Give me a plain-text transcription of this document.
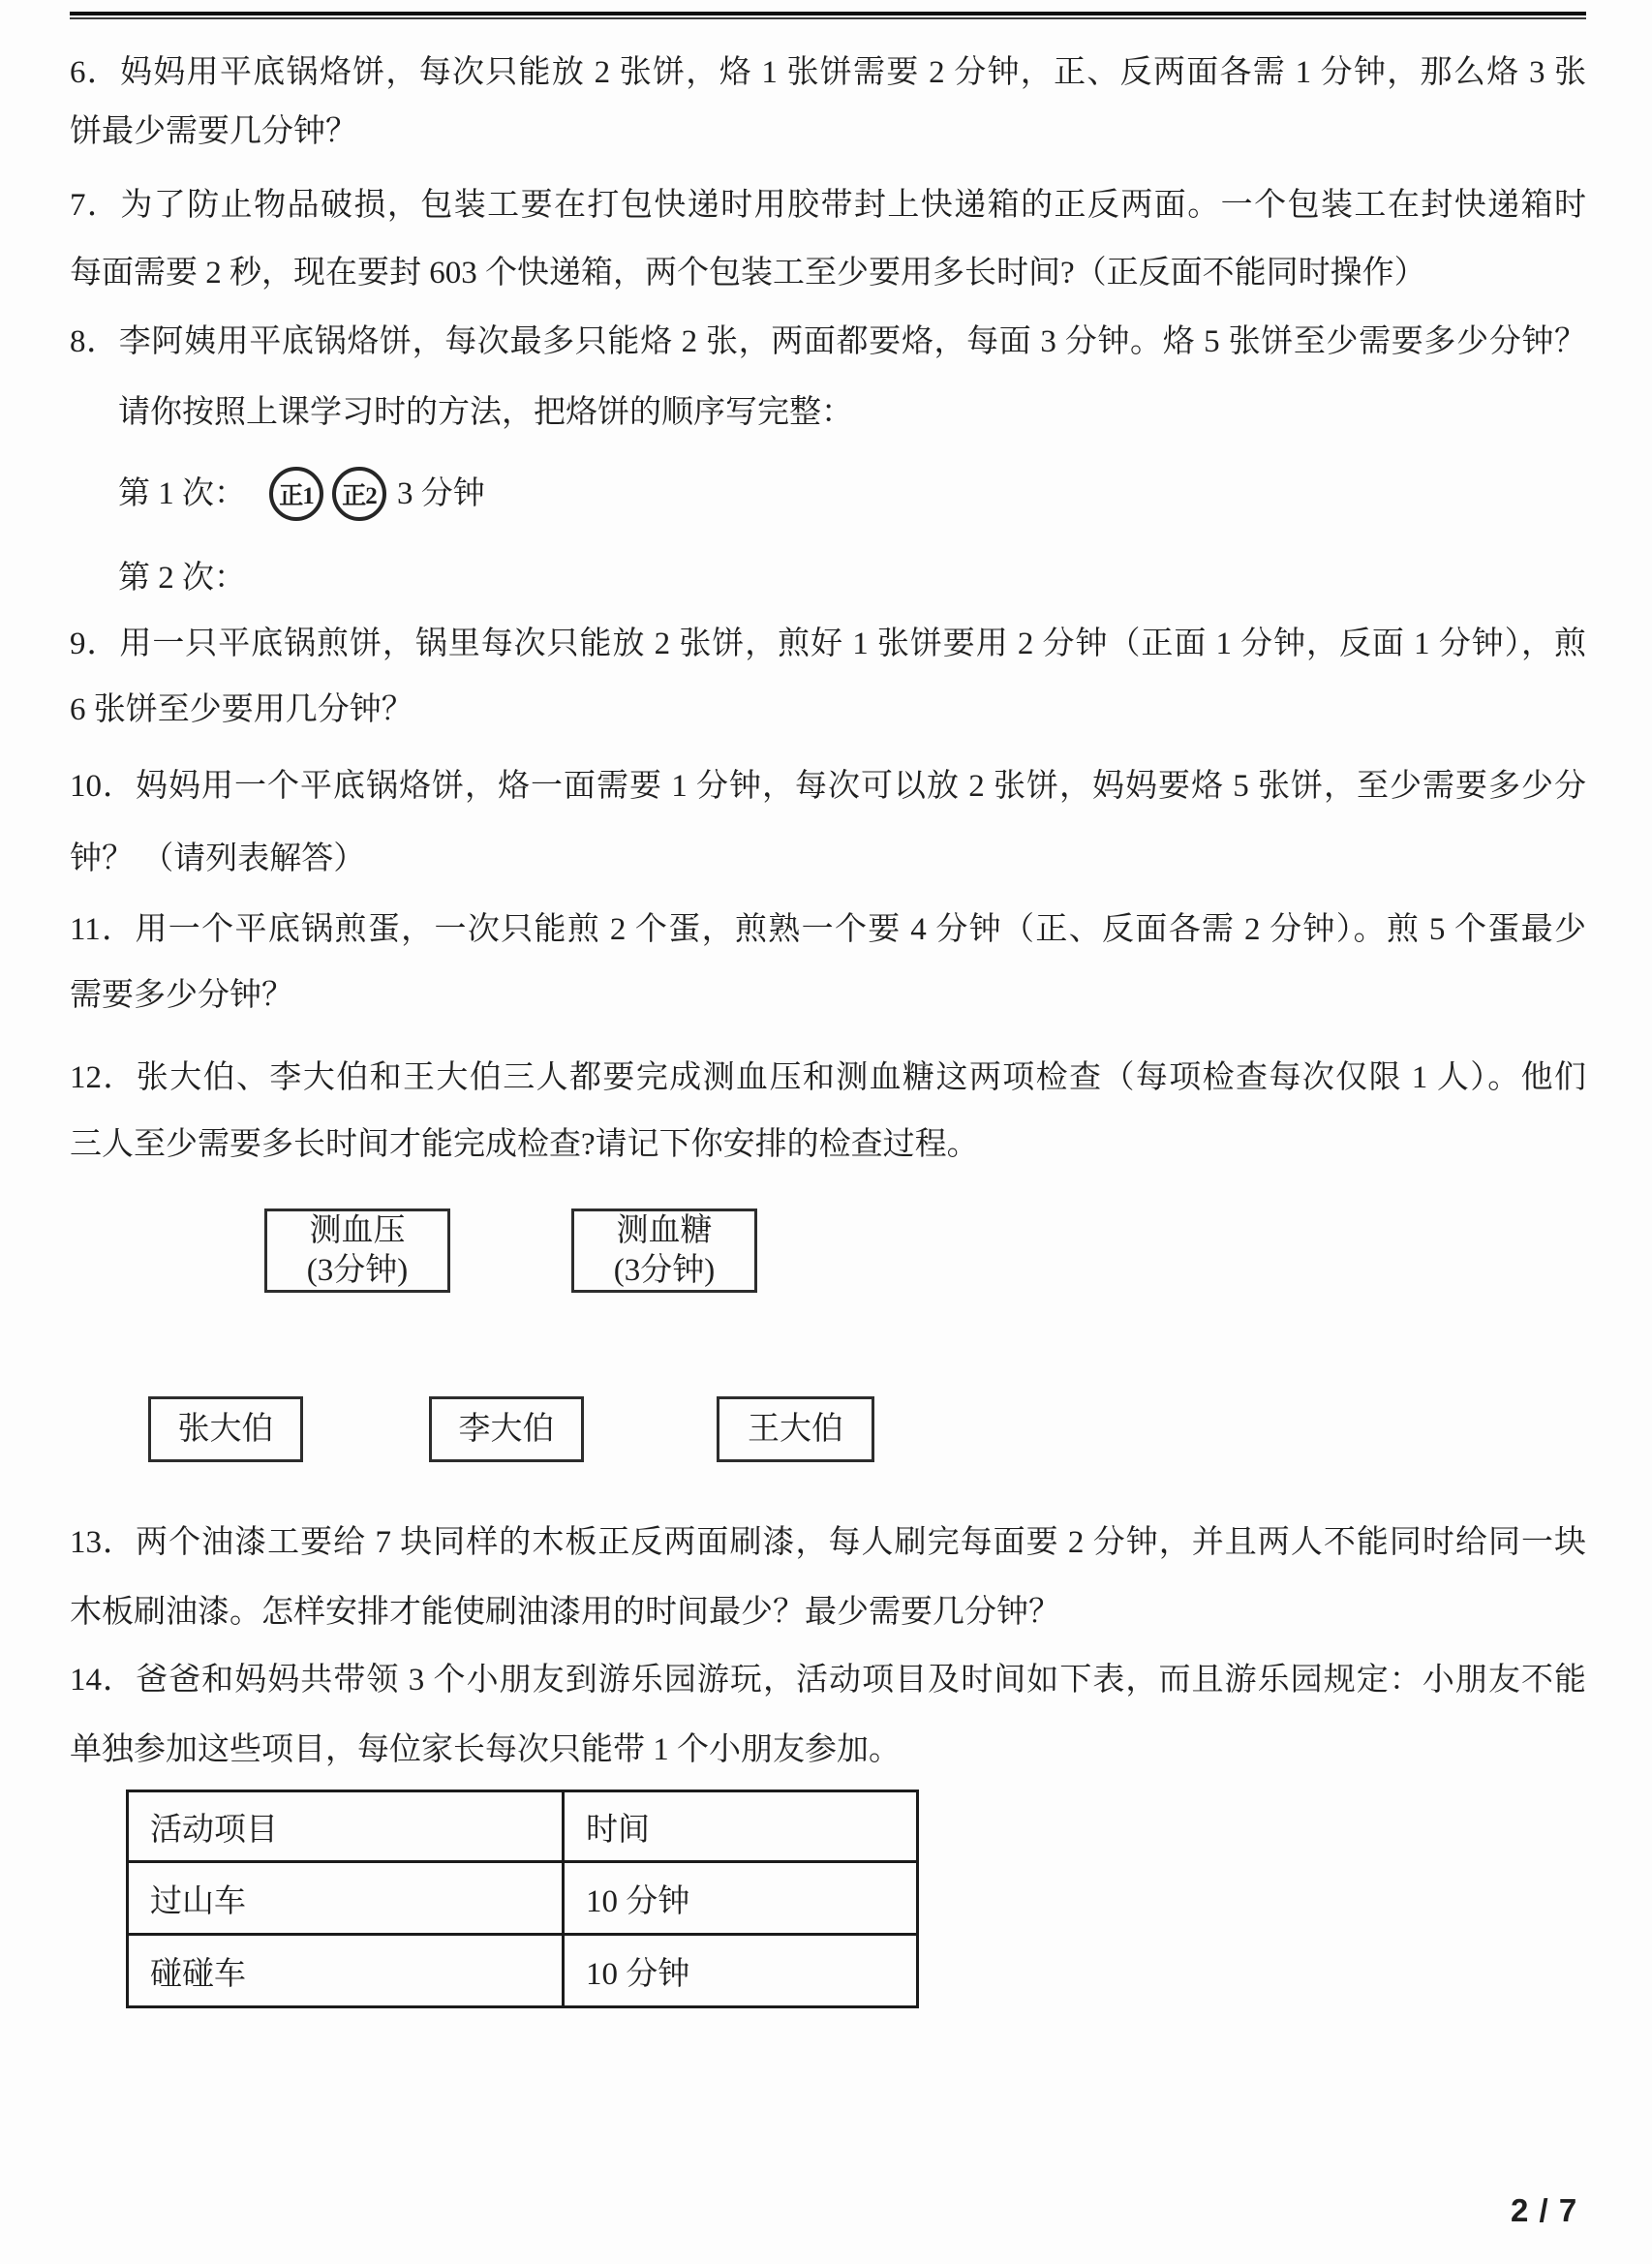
6．妈妈用平底锅烙饼，每次只能放 2 张饼，烙 1 张饼需要 2 分钟，正、反两面各需 1 分钟，那么烙 3 张
饼最少需要几分钟？
7．为了防止物品破损，包装工要在打包快递时用胶带封上快递箱的正反两面。一个包装工在封快递箱时
每面需要 2 秒，现在要封 603 个快递箱，两个包装工至少要用多长时间?（正反面不能同时操作）
8．李阿姨用平底锅烙饼，每次最多只能烙 2 张，两面都要烙，每面 3 分钟。烙 5 张饼至少需要多少分钟？
请你按照上课学习时的方法，把烙饼的顺序写完整：
第 1 次：	正1	正2 3 分钟
第 2 次：
9．用一只平底锅煎饼，锅里每次只能放 2 张饼，煎好 1 张饼要用 2 分钟（正面 1 分钟，反面 1 分钟），煎
6 张饼至少要用几分钟？
10．妈妈用一个平底锅烙饼，烙一面需要 1 分钟，每次可以放 2 张饼，妈妈要烙 5 张饼，至少需要多少分
钟？ （请列表解答）
11．用一个平底锅煎蛋，一次只能煎 2 个蛋，煎熟一个要 4 分钟（正、反面各需 2 分钟）。煎 5 个蛋最少
需要多少分钟？
12．张大伯、李大伯和王大伯三人都要完成测血压和测血糖这两项检查（每项检查每次仅限 1 人）。他们
三人至少需要多长时间才能完成检查?请记下你安排的检查过程。
测血压
(3分钟)
测血糖
(3分钟)
张大伯	李大伯	王大伯
13．两个油漆工要给 7 块同样的木板正反两面刷漆，每人刷完每面要 2 分钟，并且两人不能同时给同一块
木板刷油漆。怎样安排才能使刷油漆用的时间最少？最少需要几分钟？
14．爸爸和妈妈共带领 3 个小朋友到游乐园游玩，活动项目及时间如下表，而且游乐园规定：小朋友不能
单独参加这些项目，每位家长每次只能带 1 个小朋友参加。
活动项目	时间
过山车	10 分钟
碰碰车	10 分钟
2 / 7
